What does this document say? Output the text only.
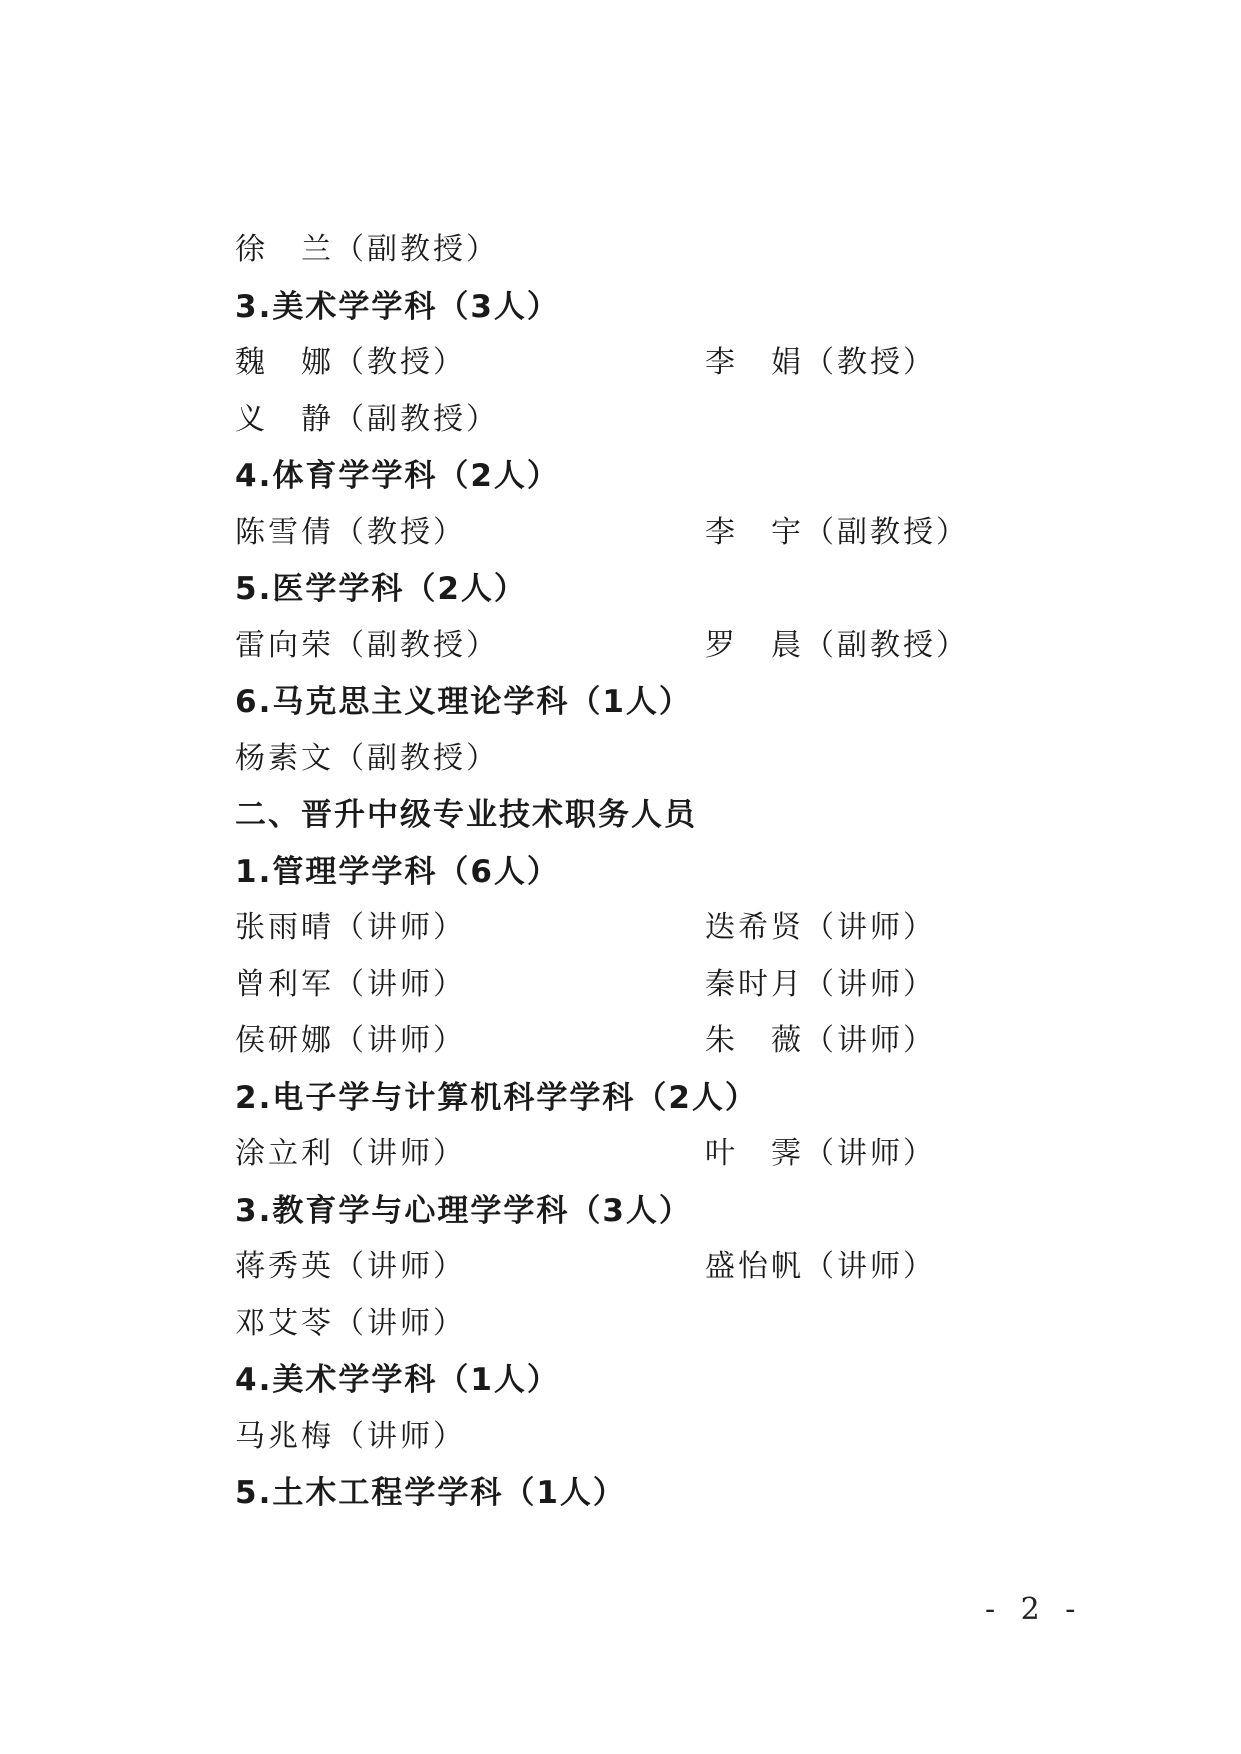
徐　兰（副教授）
3.美术学学科（3人）
魏　娜（教授）	李　娟（教授）
义　静（副教授）
4.体育学学科（2人）
陈雪倩（教授）	李　宇（副教授）
5.医学学科（2人）
雷向荣（副教授）	罗　晨（副教授）
6.马克思主义理论学科（1人）
杨素文（副教授）
二、晋升中级专业技术职务人员
1.管理学学科（6人）
张雨晴（讲师）	迭希贤（讲师）
曾利军（讲师）	秦时月（讲师）
侯研娜（讲师）	朱　薇（讲师）
2.电子学与计算机科学学科（2人）
涂立利（讲师）	叶　霁（讲师）
3.教育学与心理学学科（3人）
蒋秀英（讲师）	盛怡帆（讲师）
邓艾苓（讲师）
4.美术学学科（1人）
马兆梅（讲师）
5.土木工程学学科（1人）
- 2 -
